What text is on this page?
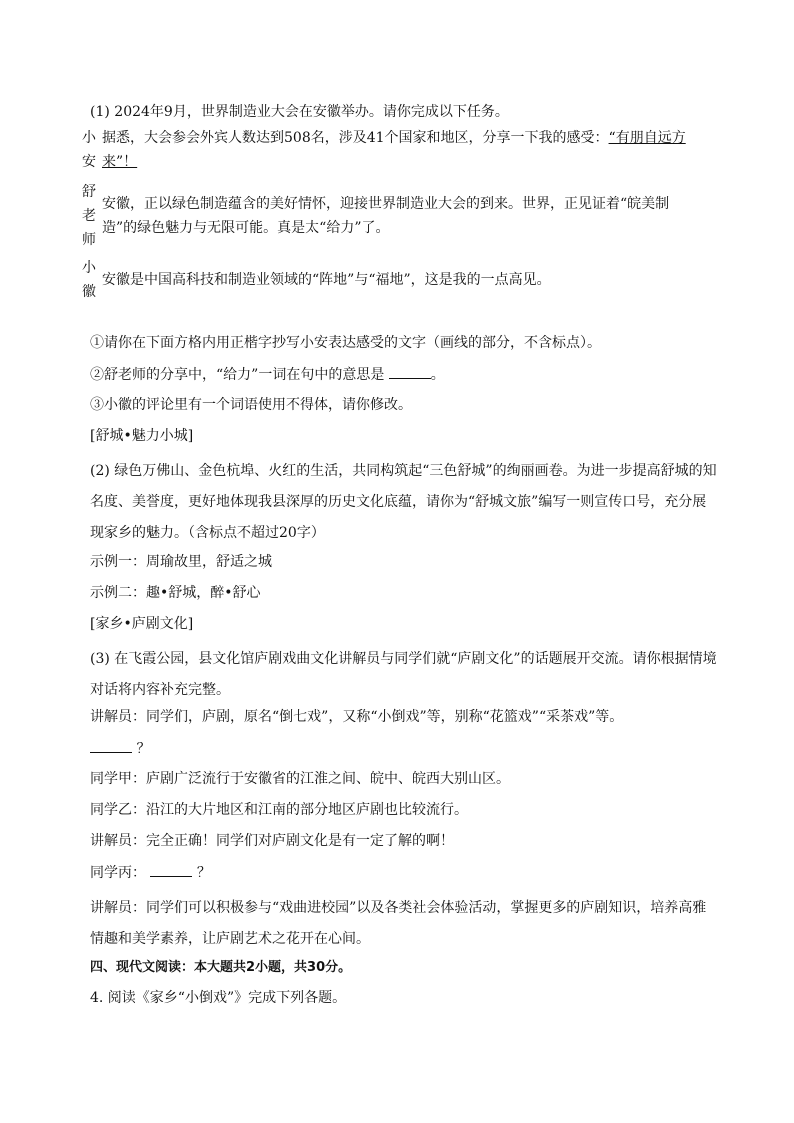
(1) 2024年9月，世界制造业大会在安徽举办。请你完成以下任务。
小
安	据悉，大会参会外宾人数达到508名，涉及41个国家和地区，分享一下我的感受：“有朋自远方来”！

舒
老
师	安徽，正以绿色制造蕴含的美好情怀，迎接世界制造业大会的到来。世界，正见证着“皖美制造”的绿色魅力与无限可能。真是太“给力”了。

小
徽	安徽是中国高科技和制造业领域的“阵地”与“福地”，这是我的一点高见。
①请你在下面方格内用正楷字抄写小安表达感受的文字（画线的部分，不含标点）。
②舒老师的分享中，“给力”一词在句中的意思是	。
③小徽的评论里有一个词语使用不得体，请你修改。
[舒城•魅力小城]
(2) 绿色万佛山、金色杭埠、火红的生活，共同构筑起“三色舒城”的绚丽画卷。为进一步提高舒城的知名度、美誉度，更好地体现我县深厚的历史文化底蕴，请你为“舒城文旅”编写一则宣传口号，充分展现家乡的魅力。（含标点不超过20字）
示例一：周瑜故里，舒适之城
示例二：趣•舒城，醉•舒心
[家乡•庐剧文化]
(3) 在飞霞公园，县文化馆庐剧戏曲文化讲解员与同学们就“庐剧文化”的话题展开交流。请你根据情境对话将内容补充完整。
讲解员：同学们，庐剧，原名“倒七戏”，又称“小倒戏”等，别称“花篮戏”“采茶戏”等。
？
同学甲：庐剧广泛流行于安徽省的江淮之间、皖中、皖西大别山区。
同学乙：沿江的大片地区和江南的部分地区庐剧也比较流行。
讲解员：完全正确！同学们对庐剧文化是有一定了解的啊！
同学丙：	？
讲解员：同学们可以积极参与“戏曲进校园”以及各类社会体验活动，掌握更多的庐剧知识，培养高雅情趣和美学素养，让庐剧艺术之花开在心间。
四、现代文阅读：本大题共2小题，共30分。
4. 阅读《家乡“小倒戏”》完成下列各题。
